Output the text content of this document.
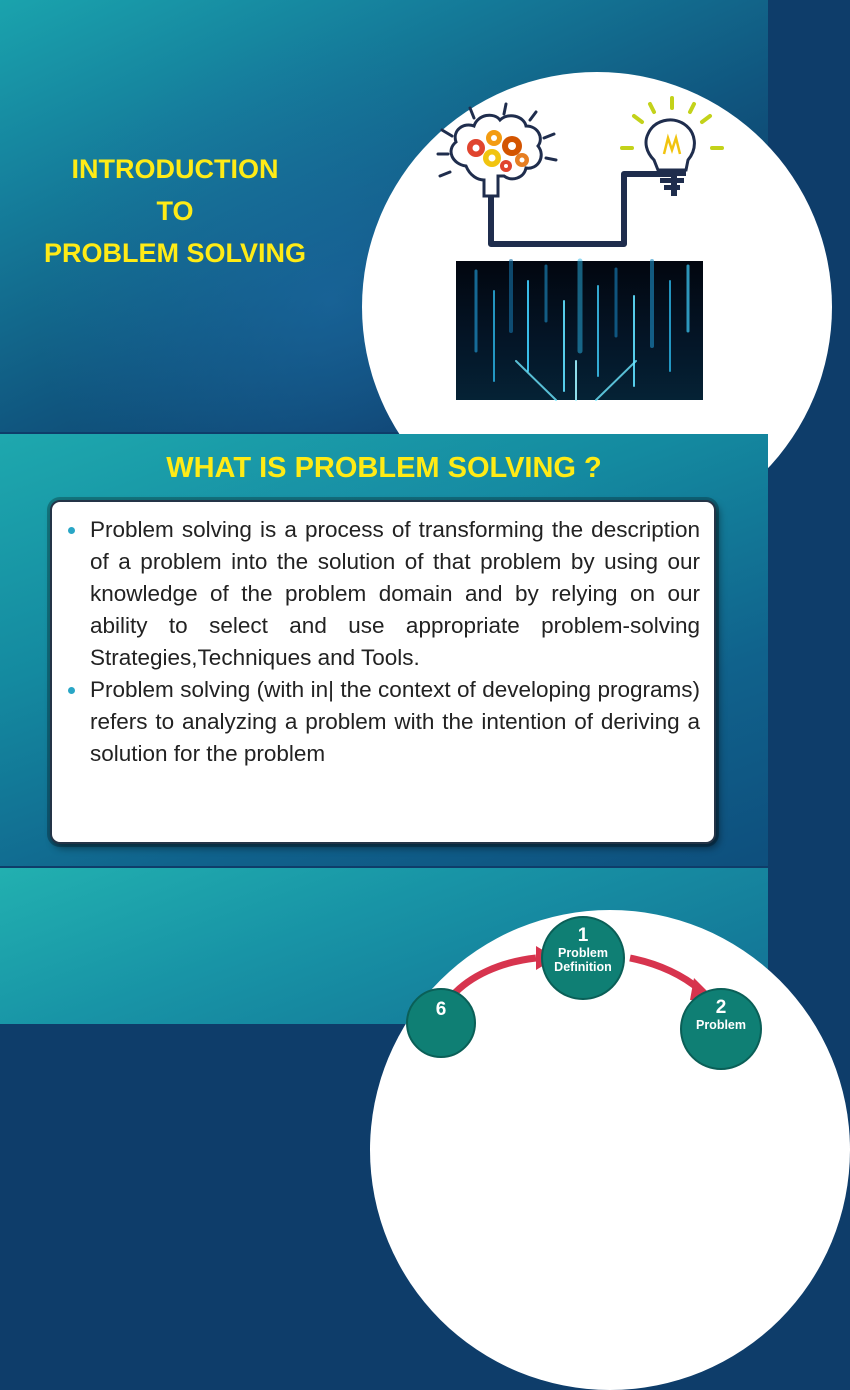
INTRODUCTION
TO
PROBLEM SOLVING
WHAT IS PROBLEM SOLVING ?
Problem solving is a process of transforming the description of a problem into the solution of that problem by using our knowledge of the problem domain and by relying on our ability to select and use appropriate problem-solving Strategies,Techniques and Tools.
Problem solving (with in| the context of developing programs) refers to analyzing a problem with the intention of deriving a solution for the problem
1
Problem
Definition
2
Problem
6
